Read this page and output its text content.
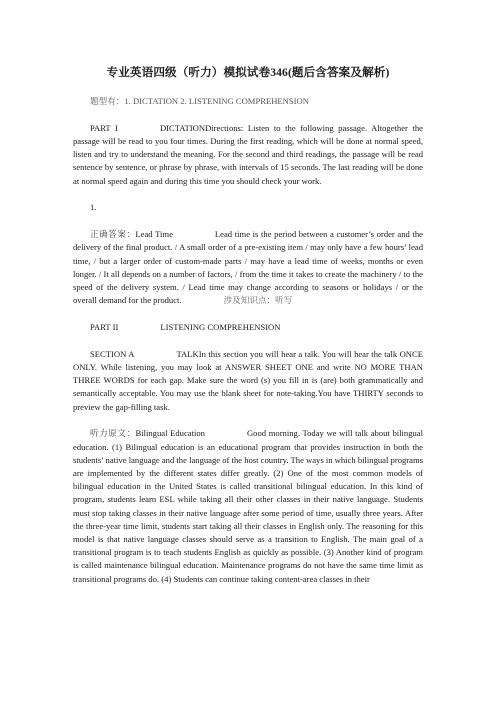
专业英语四级（听力）模拟试卷346(题后含答案及解析)

题型有：1. DICTATION 2. LISTENING COMPREHENSION

PART I	DICTATIONDirections: Listen to the following passage. Altogether the passage will be read to you four times. During the first reading, which will be done at normal speed, listen and try to understand the meaning. For the second and third readings, the passage will be read sentence by sentence, or phrase by phrase, with intervals of 15 seconds. The last reading will be done at normal speed again and during this time you should check your work.

1.

正确答案：Lead Time	Lead time is the period between a customer’s order and the delivery of the final product. / A small order of a pre-existing item / may only have a few hours’ lead time, / but a larger order of custom-made parts / may have a lead time of weeks, months or even longer. / It all depends on a number of factors, / from the time it takes to create the machinery / to the speed of the delivery system. / Lead time may change according to seasons or holidays / or the overall demand for the product.	涉及知识点：听写

PART II	LISTENING COMPREHENSION

SECTION A	TALKIn this section you will hear a talk. You will hear the talk ONCE ONLY. While listening, you may look at ANSWER SHEET ONE and write NO MORE THAN THREE WORDS for each gap. Make sure the word (s) you fill in is (are) both grammatically and semantically acceptable. You may use the blank sheet for note-taking.You have THIRTY seconds to preview the gap-filling task.

听力原文：Bilingual Education	Good morning. Today we will talk about bilingual education. (1) Bilingual education is an educational program that provides instruction in both the students’ native language and the language of the host country. The ways in which bilingual programs are implemented by the different states differ greatly. (2) One of the most common models of bilingual education in the United States is called transitional bilingual education. In this kind of program, students learn ESL while taking all their other classes in their native language. Students must stop taking classes in their native language after some period of time, usually three years. After the three-year time limit, students start taking all their classes in English only. The reasoning for this model is that native language classes should serve as a transition to English. The main goal of a transitional program is to teach students English as quickly as possible. (3) Another kind of program is called maintenance bilingual education. Maintenance programs do not have the same time limit as transitional programs do. (4) Students can continue taking content-area classes in their
